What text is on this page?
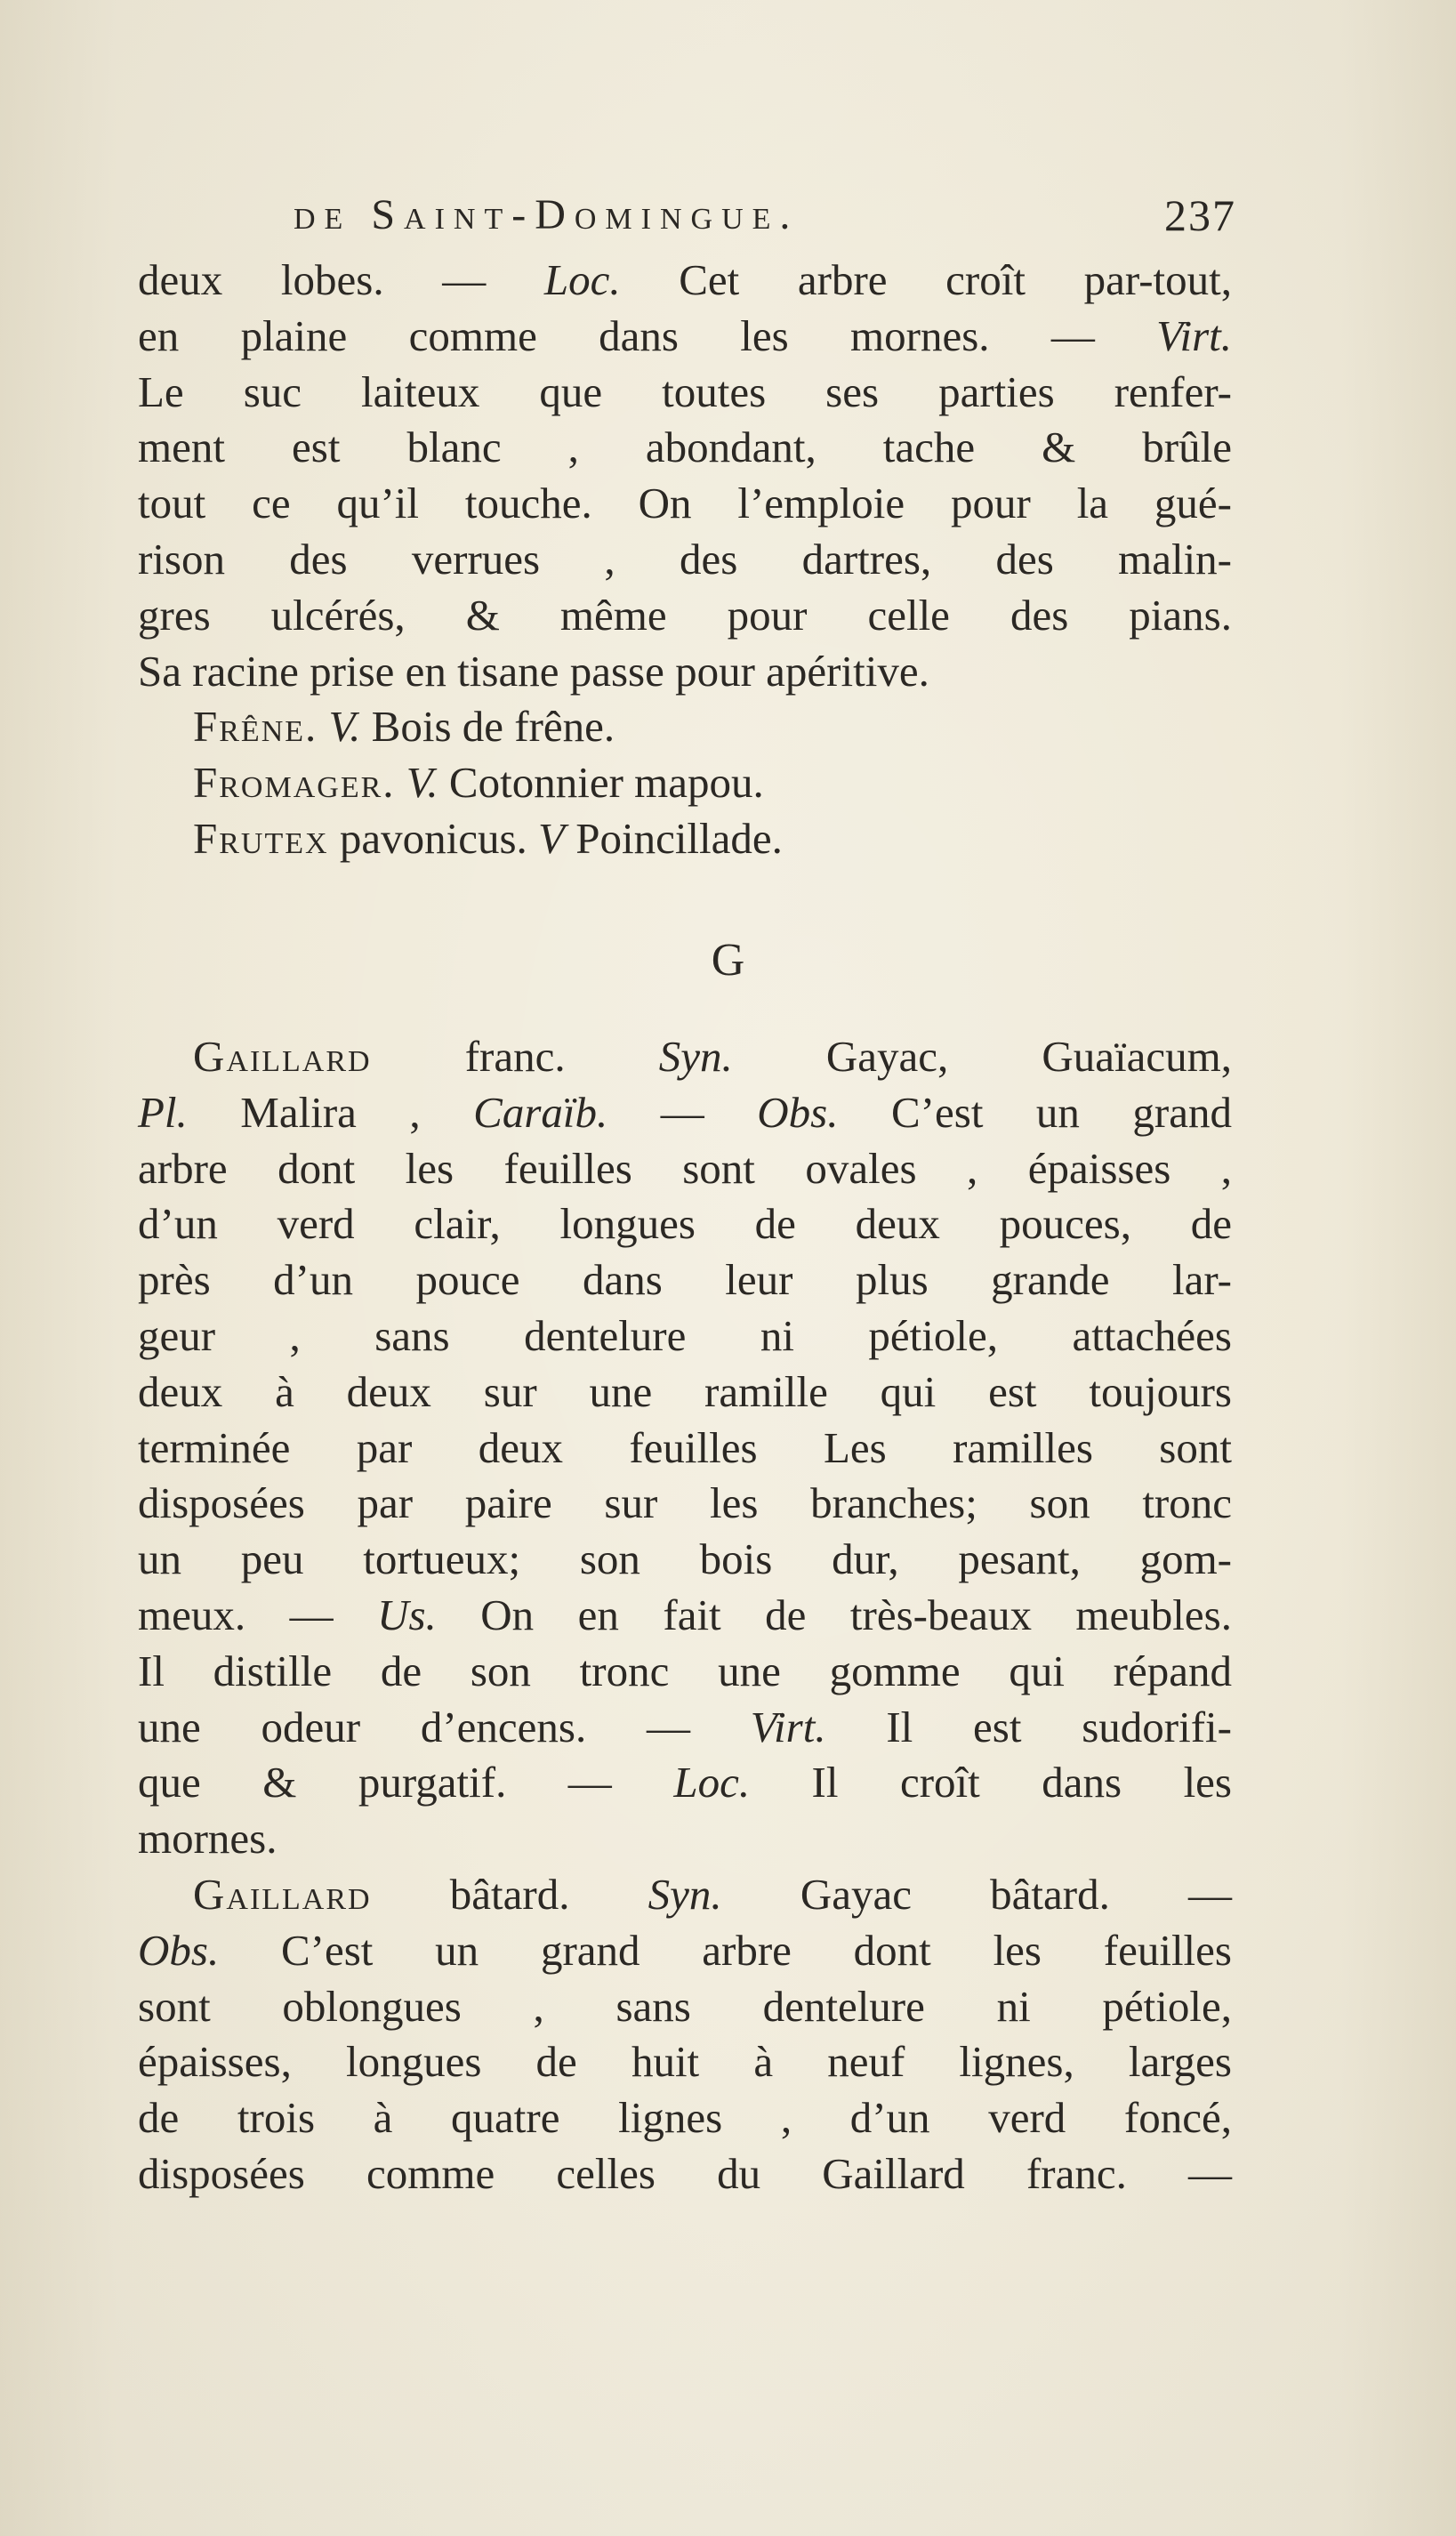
de Saint-Domingue.	237
deux lobes. — Loc. Cet arbre croît par-tout,
en plaine comme dans les mornes. — Virt.
Le suc laiteux que toutes ses parties renfer-
ment est blanc , abondant, tache & brûle
tout ce qu’il touche. On l’emploie pour la gué-
rison des verrues , des dartres, des malin-
gres ulcérés, & même pour celle des pians.
Sa racine prise en tisane passe pour apéritive.
Frêne. V. Bois de frêne.
Fromager. V. Cotonnier mapou.
Frutex pavonicus. V Poincillade.
G
Gaillard franc. Syn. Gayac, Guaïacum,
Pl. Malira , Caraïb. — Obs. C’est un grand
arbre dont les feuilles sont ovales , épaisses ,
d’un verd clair, longues de deux pouces, de
près d’un pouce dans leur plus grande lar-
geur , sans dentelure ni pétiole, attachées
deux à deux sur une ramille qui est toujours
terminée par deux feuilles Les ramilles sont
disposées par paire sur les branches; son tronc
un peu tortueux; son bois dur, pesant, gom-
meux. — Us. On en fait de très-beaux meubles.
Il distille de son tronc une gomme qui répand
une odeur d’encens. — Virt. Il est sudorifi-
que & purgatif. — Loc. Il croît dans les
mornes.
Gaillard bâtard. Syn. Gayac bâtard. —
Obs. C’est un grand arbre dont les feuilles
sont oblongues , sans dentelure ni pétiole,
épaisses, longues de huit à neuf lignes, larges
de trois à quatre lignes , d’un verd foncé,
disposées comme celles du Gaillard franc. —
